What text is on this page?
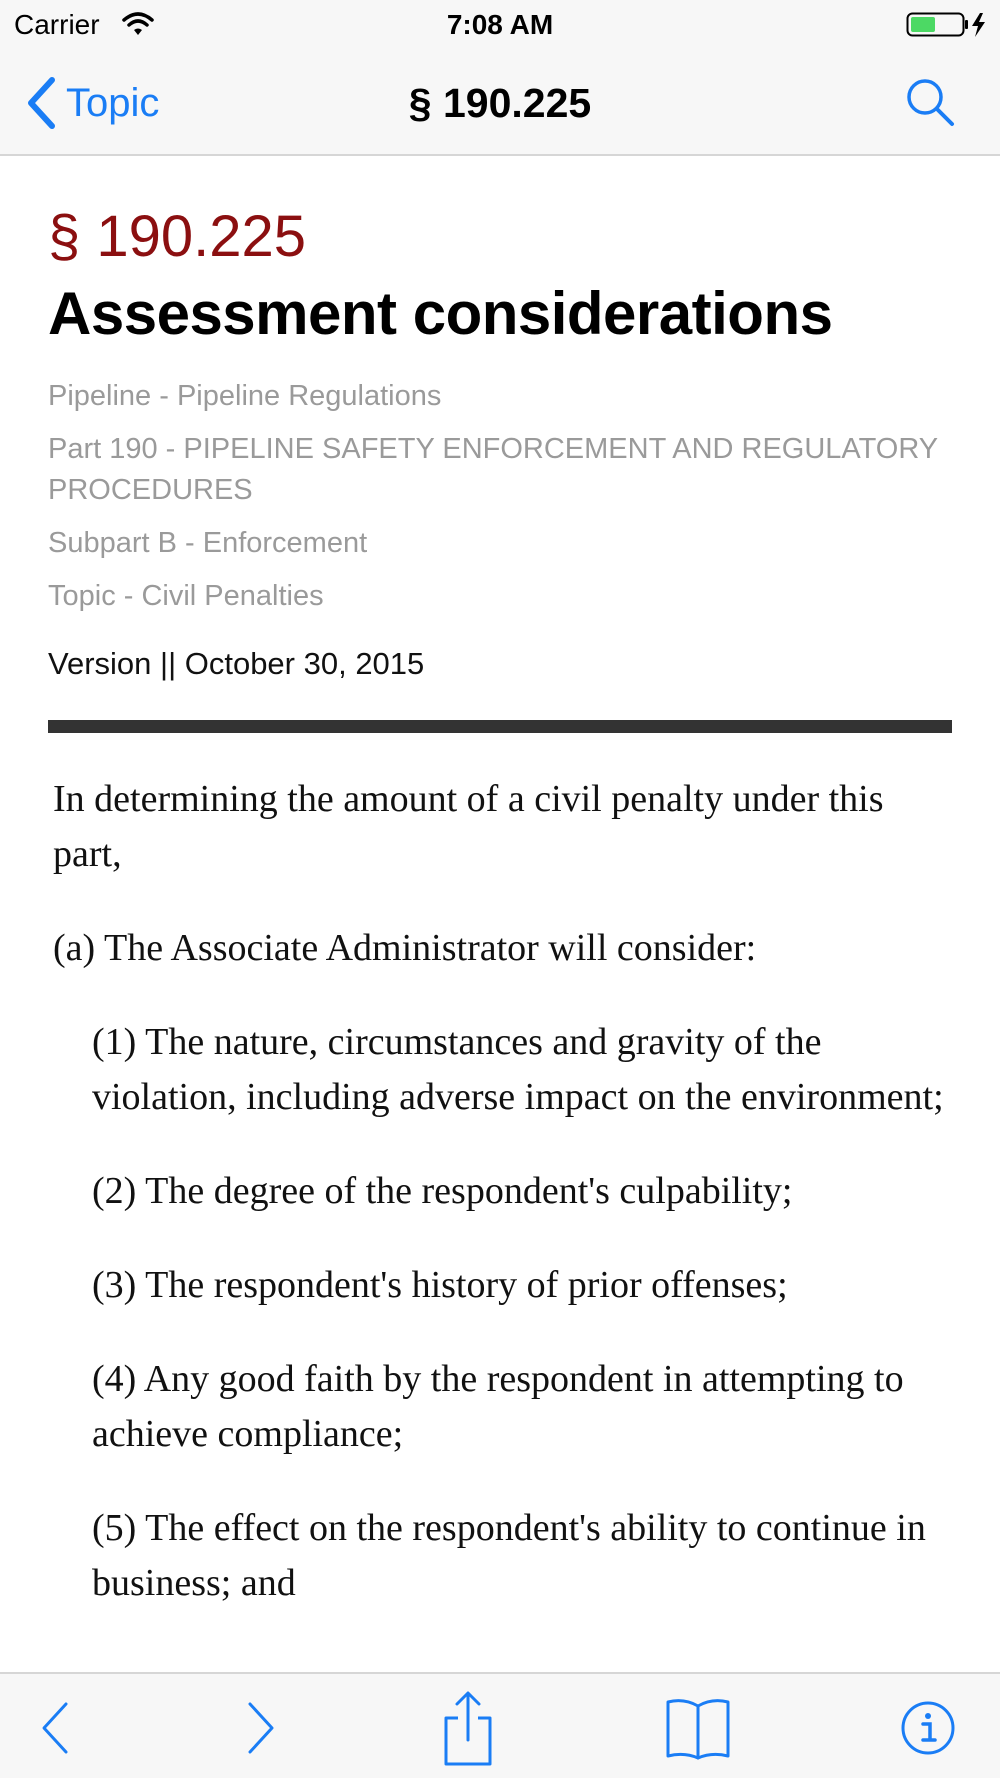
Carrier	7:08 AM
Topic	§ 190.225
§ 190.225
Assessment considerations
Pipeline - Pipeline Regulations
Part 190 - PIPELINE SAFETY ENFORCEMENT AND REGULATORY PROCEDURES
Subpart B - Enforcement
Topic - Civil Penalties
Version || October 30, 2015

In determining the amount of a civil penalty under this part,

(a) The Associate Administrator will consider:

(1) The nature, circumstances and gravity of the violation, including adverse impact on the environment;

(2) The degree of the respondent's culpability;

(3) The respondent's history of prior offenses;

(4) Any good faith by the respondent in attempting to achieve compliance;

(5) The effect on the respondent's ability to continue in business; and
